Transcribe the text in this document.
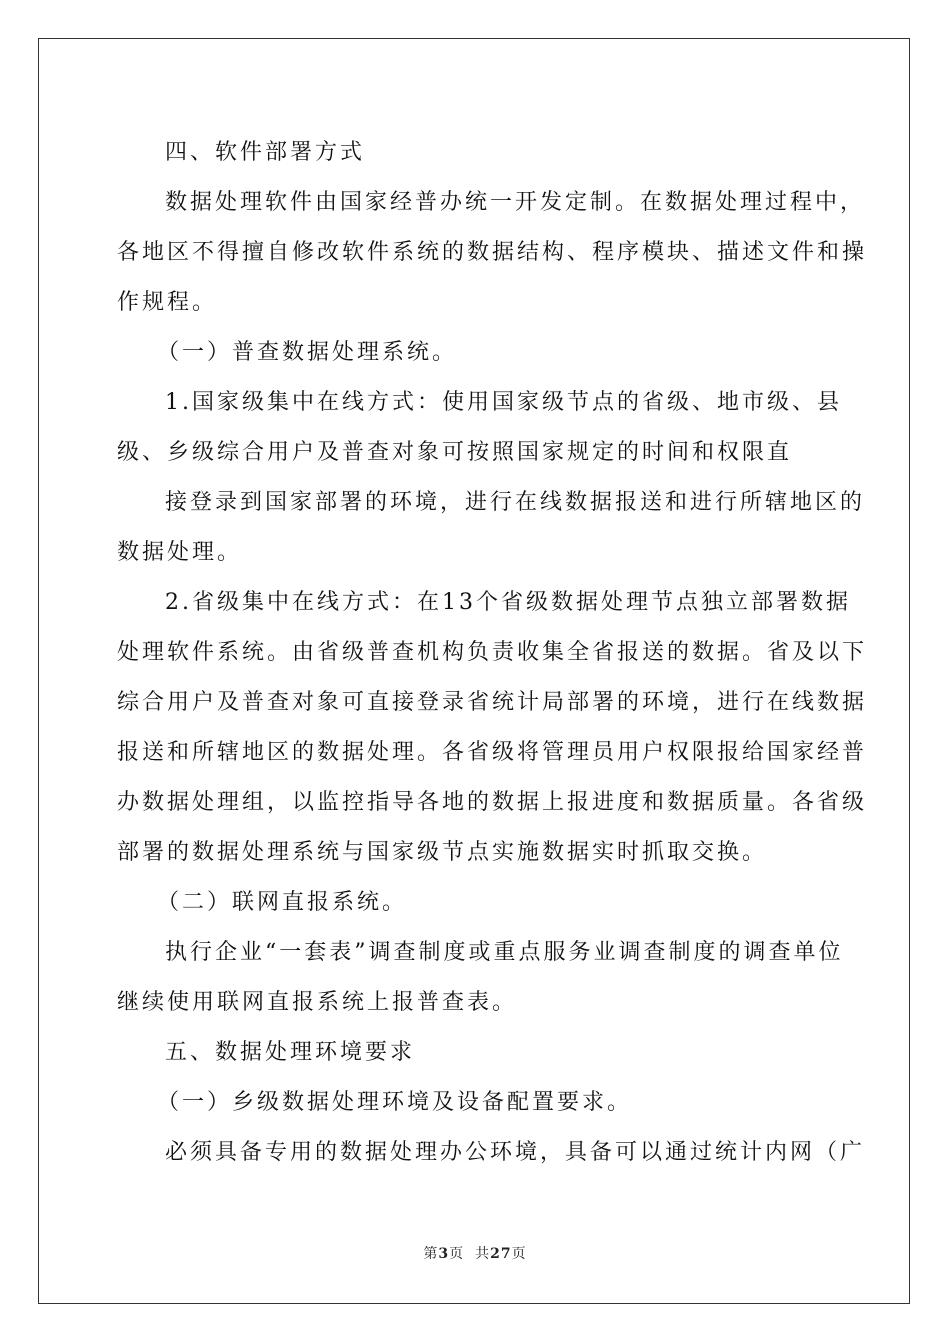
四、软件部署方式
数据处理软件由国家经普办统一开发定制。在数据处理过程中，
各地区不得擅自修改软件系统的数据结构、程序模块、描述文件和操
作规程。
（一）普查数据处理系统。
1.国家级集中在线方式：使用国家级节点的省级、地市级、县
级、乡级综合用户及普查对象可按照国家规定的时间和权限直
接登录到国家部署的环境，进行在线数据报送和进行所辖地区的
数据处理。
2.省级集中在线方式：在13个省级数据处理节点独立部署数据
处理软件系统。由省级普查机构负责收集全省报送的数据。省及以下
综合用户及普查对象可直接登录省统计局部署的环境，进行在线数据
报送和所辖地区的数据处理。各省级将管理员用户权限报给国家经普
办数据处理组，以监控指导各地的数据上报进度和数据质量。各省级
部署的数据处理系统与国家级节点实施数据实时抓取交换。
（二）联网直报系统。
执行企业“一套表”调查制度或重点服务业调查制度的调查单位
继续使用联网直报系统上报普查表。
五、数据处理环境要求
（一）乡级数据处理环境及设备配置要求。
必须具备专用的数据处理办公环境，具备可以通过统计内网（广
第3页  共27页
